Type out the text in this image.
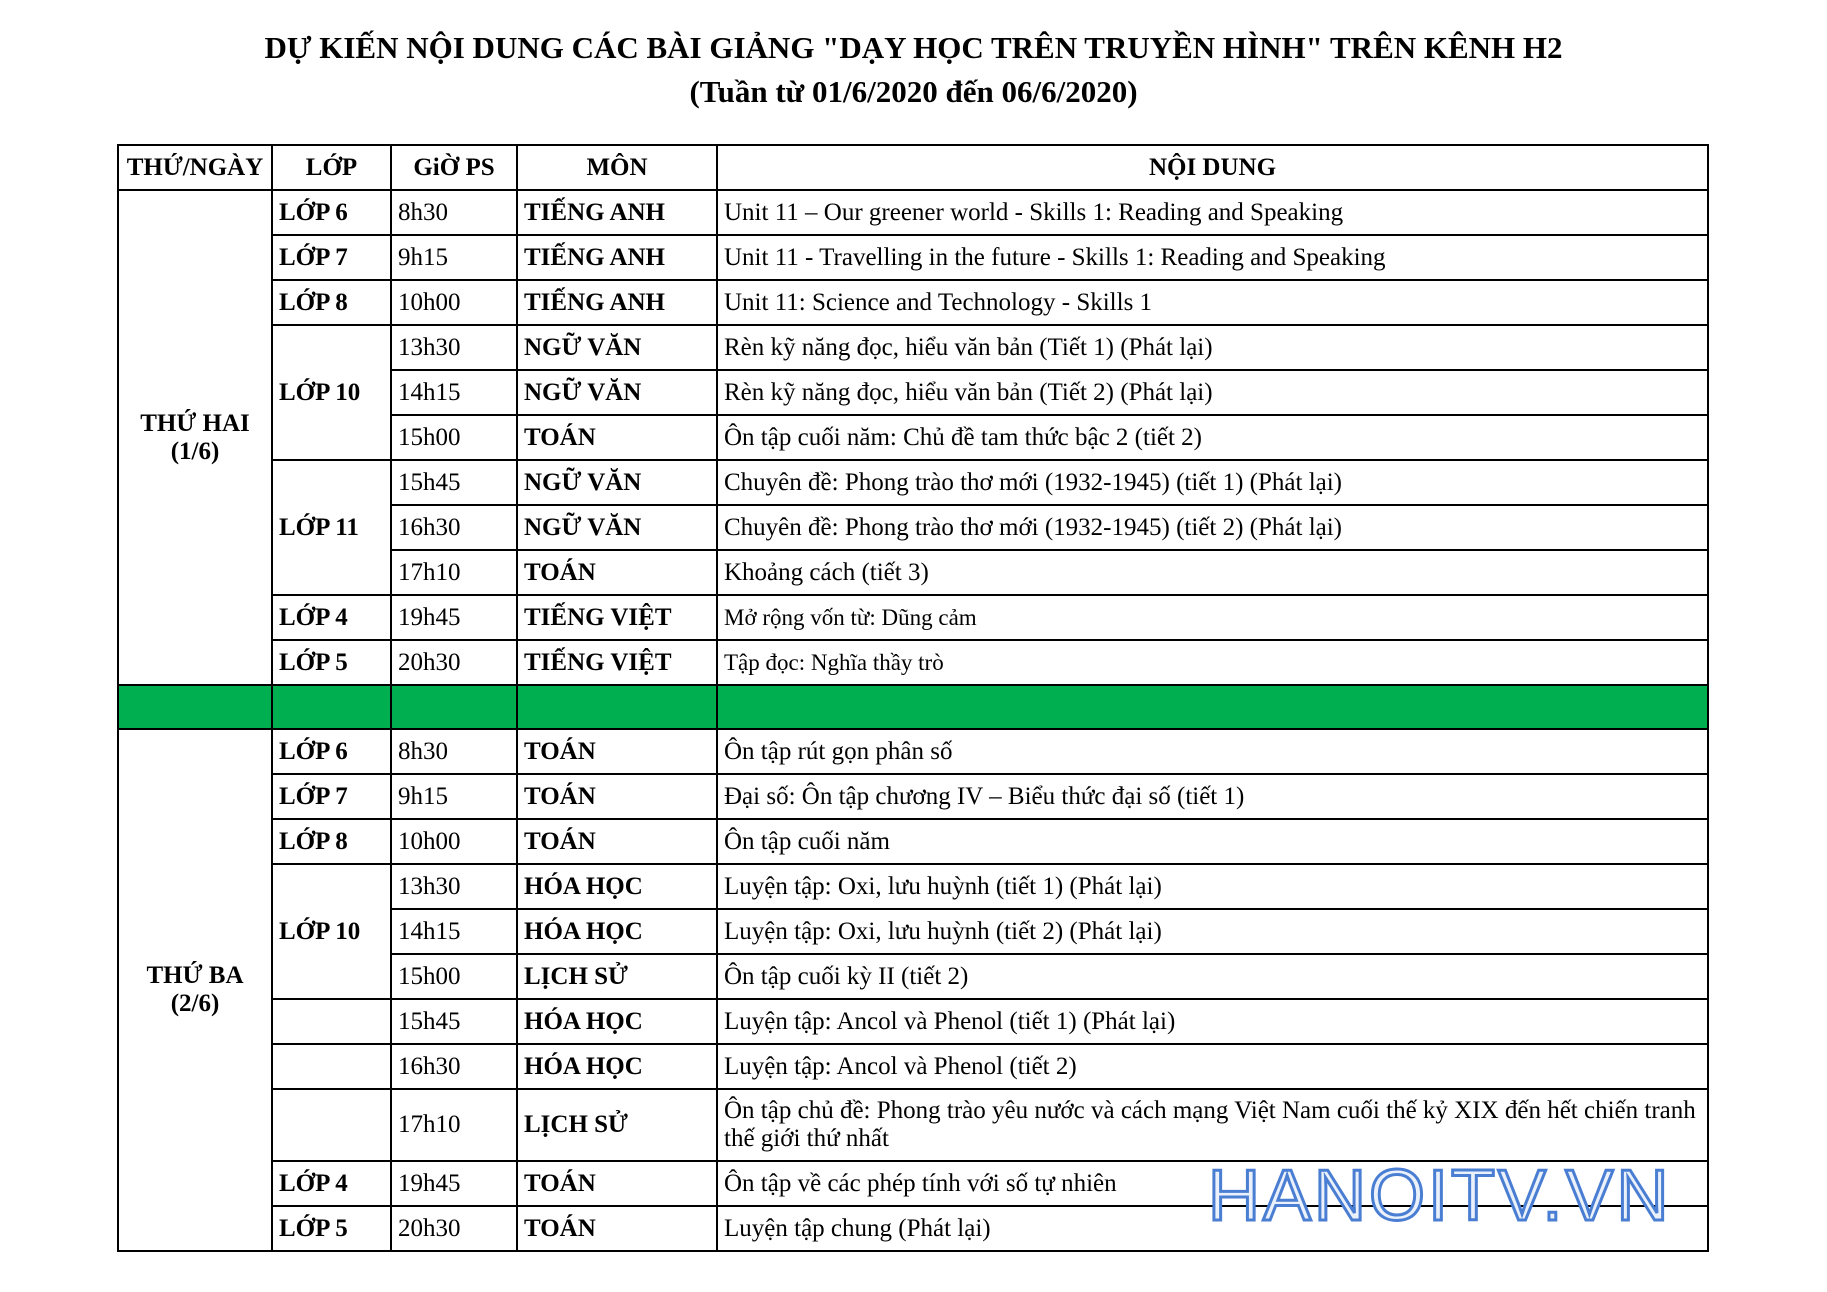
DỰ KIẾN NỘI DUNG CÁC BÀI GIẢNG "DẠY HỌC TRÊN TRUYỀN HÌNH" TRÊN KÊNH H2
(Tuần từ 01/6/2020 đến 06/6/2020)
THỨ/NGÀY	LỚP	GiỜ PS	MÔN	NỘI DUNG
THỨ HAI
(1/6)	LỚP 6	8h30	TIẾNG ANH	Unit 11 – Our greener world - Skills 1: Reading and Speaking
	LỚP 7	9h15	TIẾNG ANH	Unit 11 - Travelling in the future - Skills 1: Reading and Speaking
	LỚP 8	10h00	TIẾNG ANH	Unit 11: Science and Technology - Skills 1
	LỚP 10	13h30	NGỮ VĂN	Rèn kỹ năng đọc, hiểu văn bản (Tiết 1) (Phát lại)
		14h15	NGỮ VĂN	Rèn kỹ năng đọc, hiểu văn bản (Tiết 2) (Phát lại)
		15h00	TOÁN	Ôn tập cuối năm: Chủ đề tam thức bậc 2 (tiết 2)
	LỚP 11	15h45	NGỮ VĂN	Chuyên đề: Phong trào thơ mới (1932-1945) (tiết 1) (Phát lại)
		16h30	NGỮ VĂN	Chuyên đề: Phong trào thơ mới (1932-1945) (tiết 2) (Phát lại)
		17h10	TOÁN	Khoảng cách (tiết 3)
	LỚP 4	19h45	TIẾNG VIỆT	Mở rộng vốn từ: Dũng cảm
	LỚP 5	20h30	TIẾNG VIỆT	Tập đọc: Nghĩa thầy trò

THỨ BA
(2/6)	LỚP 6	8h30	TOÁN	Ôn tập rút gọn phân số
	LỚP 7	9h15	TOÁN	Đại số: Ôn tập chương IV – Biểu thức đại số (tiết 1)
	LỚP 8	10h00	TOÁN	Ôn tập cuối năm
	LỚP 10	13h30	HÓA HỌC	Luyện tập: Oxi, lưu huỳnh (tiết 1) (Phát lại)
		14h15	HÓA HỌC	Luyện tập: Oxi, lưu huỳnh (tiết 2) (Phát lại)
		15h00	LỊCH SỬ	Ôn tập cuối kỳ II (tiết 2)
		15h45	HÓA HỌC	Luyện tập: Ancol và Phenol (tiết 1) (Phát lại)
		16h30	HÓA HỌC	Luyện tập: Ancol và Phenol (tiết 2)
		17h10	LỊCH SỬ	Ôn tập chủ đề: Phong trào yêu nước và cách mạng Việt Nam cuối thế kỷ XIX đến hết chiến tranh thế giới thứ nhất
	LỚP 4	19h45	TOÁN	Ôn tập về các phép tính với số tự nhiên
	LỚP 5	20h30	TOÁN	Luyện tập chung (Phát lại)	HANOITV.VN
